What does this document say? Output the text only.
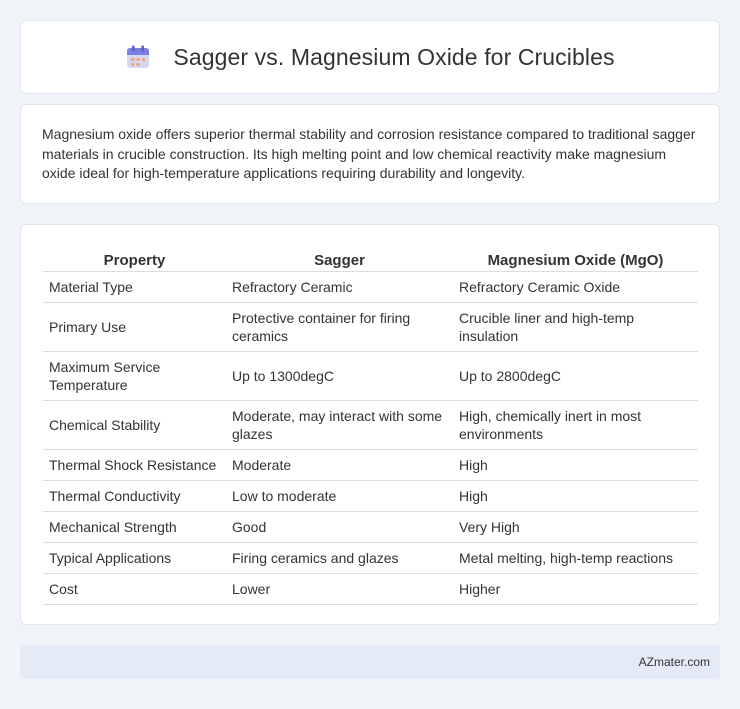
Sagger vs. Magnesium Oxide for Crucibles

Magnesium oxide offers superior thermal stability and corrosion resistance compared to traditional sagger materials in crucible construction. Its high melting point and low chemical reactivity make magnesium oxide ideal for high-temperature applications requiring durability and longevity.

Property	Sagger	Magnesium Oxide (MgO)
Material Type	Refractory Ceramic	Refractory Ceramic Oxide
Primary Use	Protective container for firing ceramics	Crucible liner and high-temp insulation
Maximum Service Temperature	Up to 1300degC	Up to 2800degC
Chemical Stability	Moderate, may interact with some glazes	High, chemically inert in most environments
Thermal Shock Resistance	Moderate	High
Thermal Conductivity	Low to moderate	High
Mechanical Strength	Good	Very High
Typical Applications	Firing ceramics and glazes	Metal melting, high-temp reactions
Cost	Lower	Higher
AZmater.com
